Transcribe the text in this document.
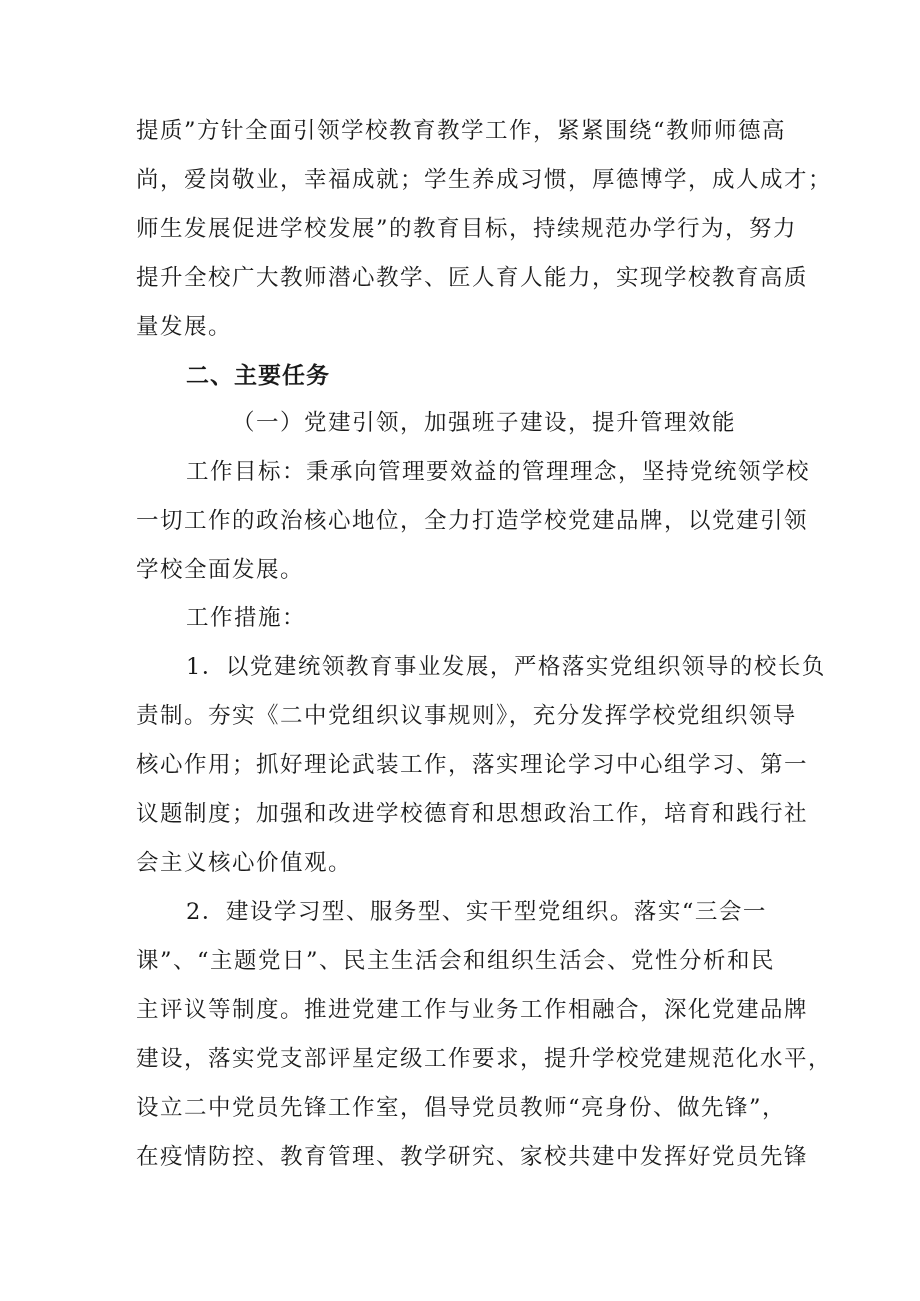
提质”方针全面引领学校教育教学工作，紧紧围绕“教师师德高
尚，爱岗敬业，幸福成就；学生养成习惯，厚德博学，成人成才；
师生发展促进学校发展”的教育目标，持续规范办学行为，努力
提升全校广大教师潜心教学、匠人育人能力，实现学校教育高质
量发展。
二、主要任务
（一）党建引领，加强班子建设，提升管理效能
工作目标：秉承向管理要效益的管理理念，坚持党统领学校
一切工作的政治核心地位，全力打造学校党建品牌，以党建引领
学校全面发展。
工作措施：
1．以党建统领教育事业发展，严格落实党组织领导的校长负
责制。夯实《二中党组织议事规则》，充分发挥学校党组织领导
核心作用；抓好理论武装工作，落实理论学习中心组学习、第一
议题制度；加强和改进学校德育和思想政治工作，培育和践行社
会主义核心价值观。
2．建设学习型、服务型、实干型党组织。落实“三会一
课”、“主题党日”、民主生活会和组织生活会、党性分析和民
主评议等制度。推进党建工作与业务工作相融合，深化党建品牌
建设，落实党支部评星定级工作要求，提升学校党建规范化水平，
设立二中党员先锋工作室，倡导党员教师“亮身份、做先锋”，
在疫情防控、教育管理、教学研究、家校共建中发挥好党员先锋
